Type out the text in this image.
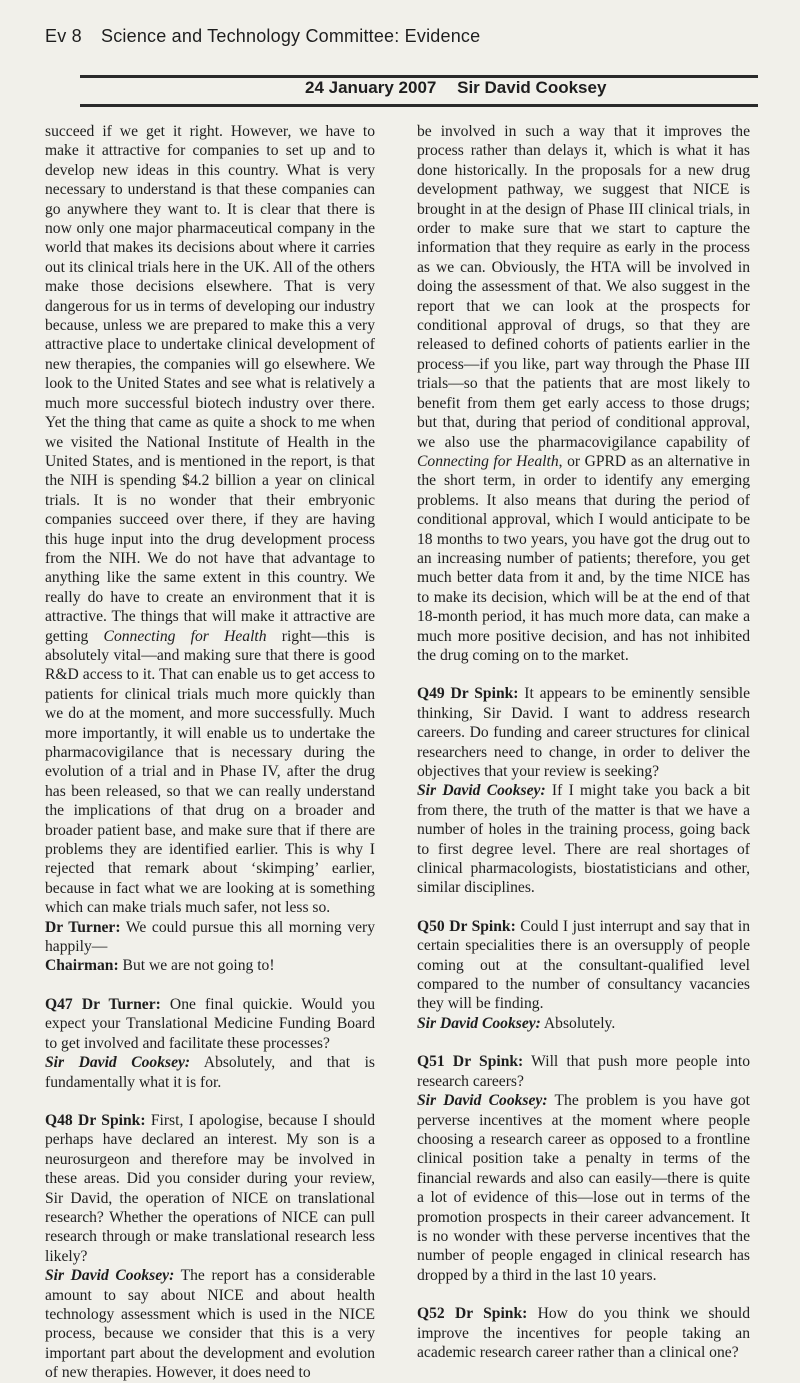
Ev 8 Science and Technology Committee: Evidence
24 January 2007 Sir David Cooksey

succeed if we get it right. However, we have to make it attractive for companies to set up and to develop new ideas in this country. What is very necessary to understand is that these companies can go anywhere they want to. It is clear that there is now only one major pharmaceutical company in the world that makes its decisions about where it carries out its clinical trials here in the UK. All of the others make those decisions elsewhere. That is very dangerous for us in terms of developing our industry because, unless we are prepared to make this a very attractive place to undertake clinical development of new therapies, the companies will go elsewhere. We look to the United States and see what is relatively a much more successful biotech industry over there. Yet the thing that came as quite a shock to me when we visited the National Institute of Health in the United States, and is mentioned in the report, is that the NIH is spending $4.2 billion a year on clinical trials. It is no wonder that their embryonic companies succeed over there, if they are having this huge input into the drug development process from the NIH. We do not have that advantage to anything like the same extent in this country. We really do have to create an environment that it is attractive. The things that will make it attractive are getting Connecting for Health right—this is absolutely vital—and making sure that there is good R&D access to it. That can enable us to get access to patients for clinical trials much more quickly than we do at the moment, and more successfully. Much more importantly, it will enable us to undertake the pharmacovigilance that is necessary during the evolution of a trial and in Phase IV, after the drug has been released, so that we can really understand the implications of that drug on a broader and broader patient base, and make sure that if there are problems they are identified earlier. This is why I rejected that remark about ‘skimping’ earlier, because in fact what we are looking at is something which can make trials much safer, not less so.

Dr Turner: We could pursue this all morning very happily—

Chairman: But we are not going to!

Q47 Dr Turner: One final quickie. Would you expect your Translational Medicine Funding Board to get involved and facilitate these processes?

Sir David Cooksey: Absolutely, and that is fundamentally what it is for.

Q48 Dr Spink: First, I apologise, because I should perhaps have declared an interest. My son is a neurosurgeon and therefore may be involved in these areas. Did you consider during your review, Sir David, the operation of NICE on translational research? Whether the operations of NICE can pull research through or make translational research less likely?

Sir David Cooksey: The report has a considerable amount to say about NICE and about health technology assessment which is used in the NICE process, because we consider that this is a very important part about the development and evolution of new therapies. However, it does need to

be involved in such a way that it improves the process rather than delays it, which is what it has done historically. In the proposals for a new drug development pathway, we suggest that NICE is brought in at the design of Phase III clinical trials, in order to make sure that we start to capture the information that they require as early in the process as we can. Obviously, the HTA will be involved in doing the assessment of that. We also suggest in the report that we can look at the prospects for conditional approval of drugs, so that they are released to defined cohorts of patients earlier in the process—if you like, part way through the Phase III trials—so that the patients that are most likely to benefit from them get early access to those drugs; but that, during that period of conditional approval, we also use the pharmacovigilance capability of Connecting for Health, or GPRD as an alternative in the short term, in order to identify any emerging problems. It also means that during the period of conditional approval, which I would anticipate to be 18 months to two years, you have got the drug out to an increasing number of patients; therefore, you get much better data from it and, by the time NICE has to make its decision, which will be at the end of that 18-month period, it has much more data, can make a much more positive decision, and has not inhibited the drug coming on to the market.

Q49 Dr Spink: It appears to be eminently sensible thinking, Sir David. I want to address research careers. Do funding and career structures for clinical researchers need to change, in order to deliver the objectives that your review is seeking?

Sir David Cooksey: If I might take you back a bit from there, the truth of the matter is that we have a number of holes in the training process, going back to first degree level. There are real shortages of clinical pharmacologists, biostatisticians and other, similar disciplines.

Q50 Dr Spink: Could I just interrupt and say that in certain specialities there is an oversupply of people coming out at the consultant-qualified level compared to the number of consultancy vacancies they will be finding.

Sir David Cooksey: Absolutely.

Q51 Dr Spink: Will that push more people into research careers?

Sir David Cooksey: The problem is you have got perverse incentives at the moment where people choosing a research career as opposed to a frontline clinical position take a penalty in terms of the financial rewards and also can easily—there is quite a lot of evidence of this—lose out in terms of the promotion prospects in their career advancement. It is no wonder with these perverse incentives that the number of people engaged in clinical research has dropped by a third in the last 10 years.

Q52 Dr Spink: How do you think we should improve the incentives for people taking an academic research career rather than a clinical one?
